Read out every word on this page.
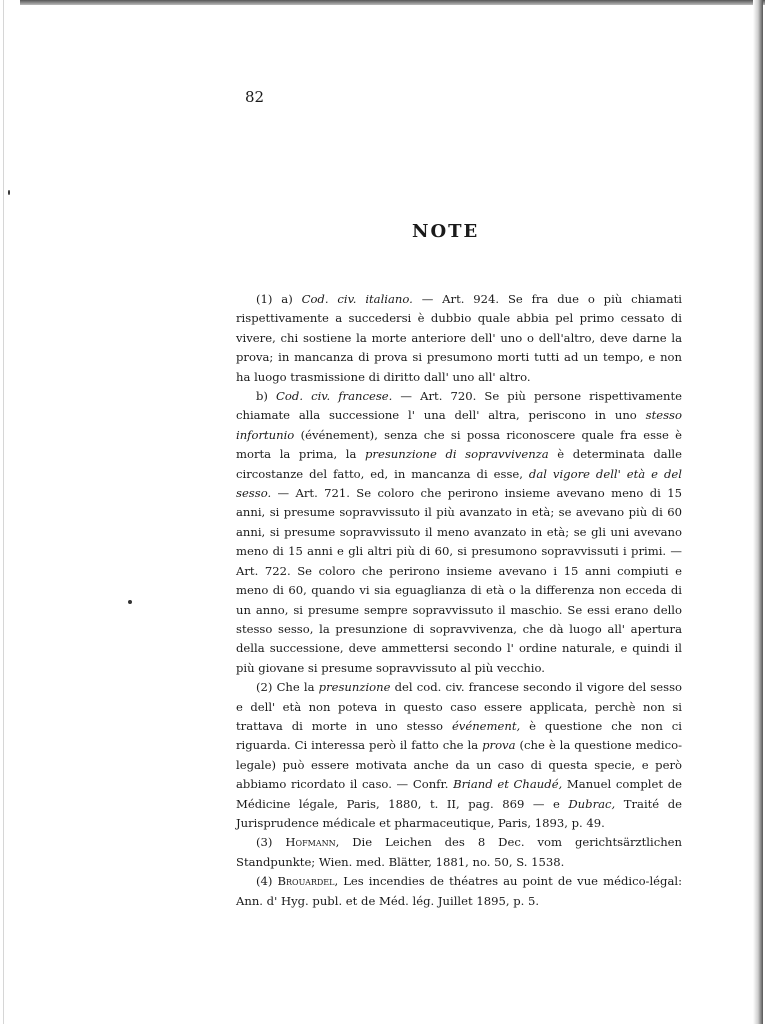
82
NOTE

(1) a) Cod. civ. italiano. — Art. 924. Se fra due o più chiamati rispettivamente a succedersi è dubbio quale abbia pel primo cessato di vivere, chi sostiene la morte anteriore dell' uno o dell'altro, deve darne la prova; in mancanza di prova si presumono morti tutti ad un tempo, e non ha luogo trasmissione di diritto dall' uno all' altro.

b) Cod. civ. francese. — Art. 720. Se più persone rispettivamente chiamate alla successione l' una dell' altra, periscono in uno stesso infortunio (événement), senza che si possa riconoscere quale fra esse è morta la prima, la presunzione di sopravvivenza è determinata dalle circostanze del fatto, ed, in mancanza di esse, dal vigore dell' età e del sesso. — Art. 721. Se coloro che perirono insieme avevano meno di 15 anni, si presume sopravvissuto il più avanzato in età; se avevano più di 60 anni, si presume sopravvissuto il meno avanzato in età; se gli uni avevano meno di 15 anni e gli altri più di 60, si presumono sopravvissuti i primi. — Art. 722. Se coloro che perirono insieme avevano i 15 anni compiuti e meno di 60, quando vi sia eguaglianza di età o la differenza non ecceda di un anno, si presume sempre sopravvissuto il maschio. Se essi erano dello stesso sesso, la presunzione di sopravvivenza, che dà luogo all' apertura della successione, deve ammettersi secondo l' ordine naturale, e quindi il più giovane si presume sopravvissuto al più vecchio.

(2) Che la presunzione del cod. civ. francese secondo il vigore del sesso e dell' età non poteva in questo caso essere applicata, perchè non si trattava di morte in uno stesso événement, è questione che non ci riguarda. Ci interessa però il fatto che la prova (che è la questione medico-legale) può essere motivata anche da un caso di questa specie, e però abbiamo ricordato il caso. — Confr. Briand et Chaudé, Manuel complet de Médicine légale, Paris, 1880, t. II, pag. 869 — e Dubrac, Traité de Jurisprudence médicale et pharmaceutique, Paris, 1893, p. 49.

(3) Hofmann, Die Leichen des 8 Dec. vom gerichtsärztlichen Standpunkte; Wien. med. Blätter, 1881, no. 50, S. 1538.

(4) Brouardel, Les incendies de théatres au point de vue médico-légal: Ann. d' Hyg. publ. et de Méd. lég. Juillet 1895, p. 5.
